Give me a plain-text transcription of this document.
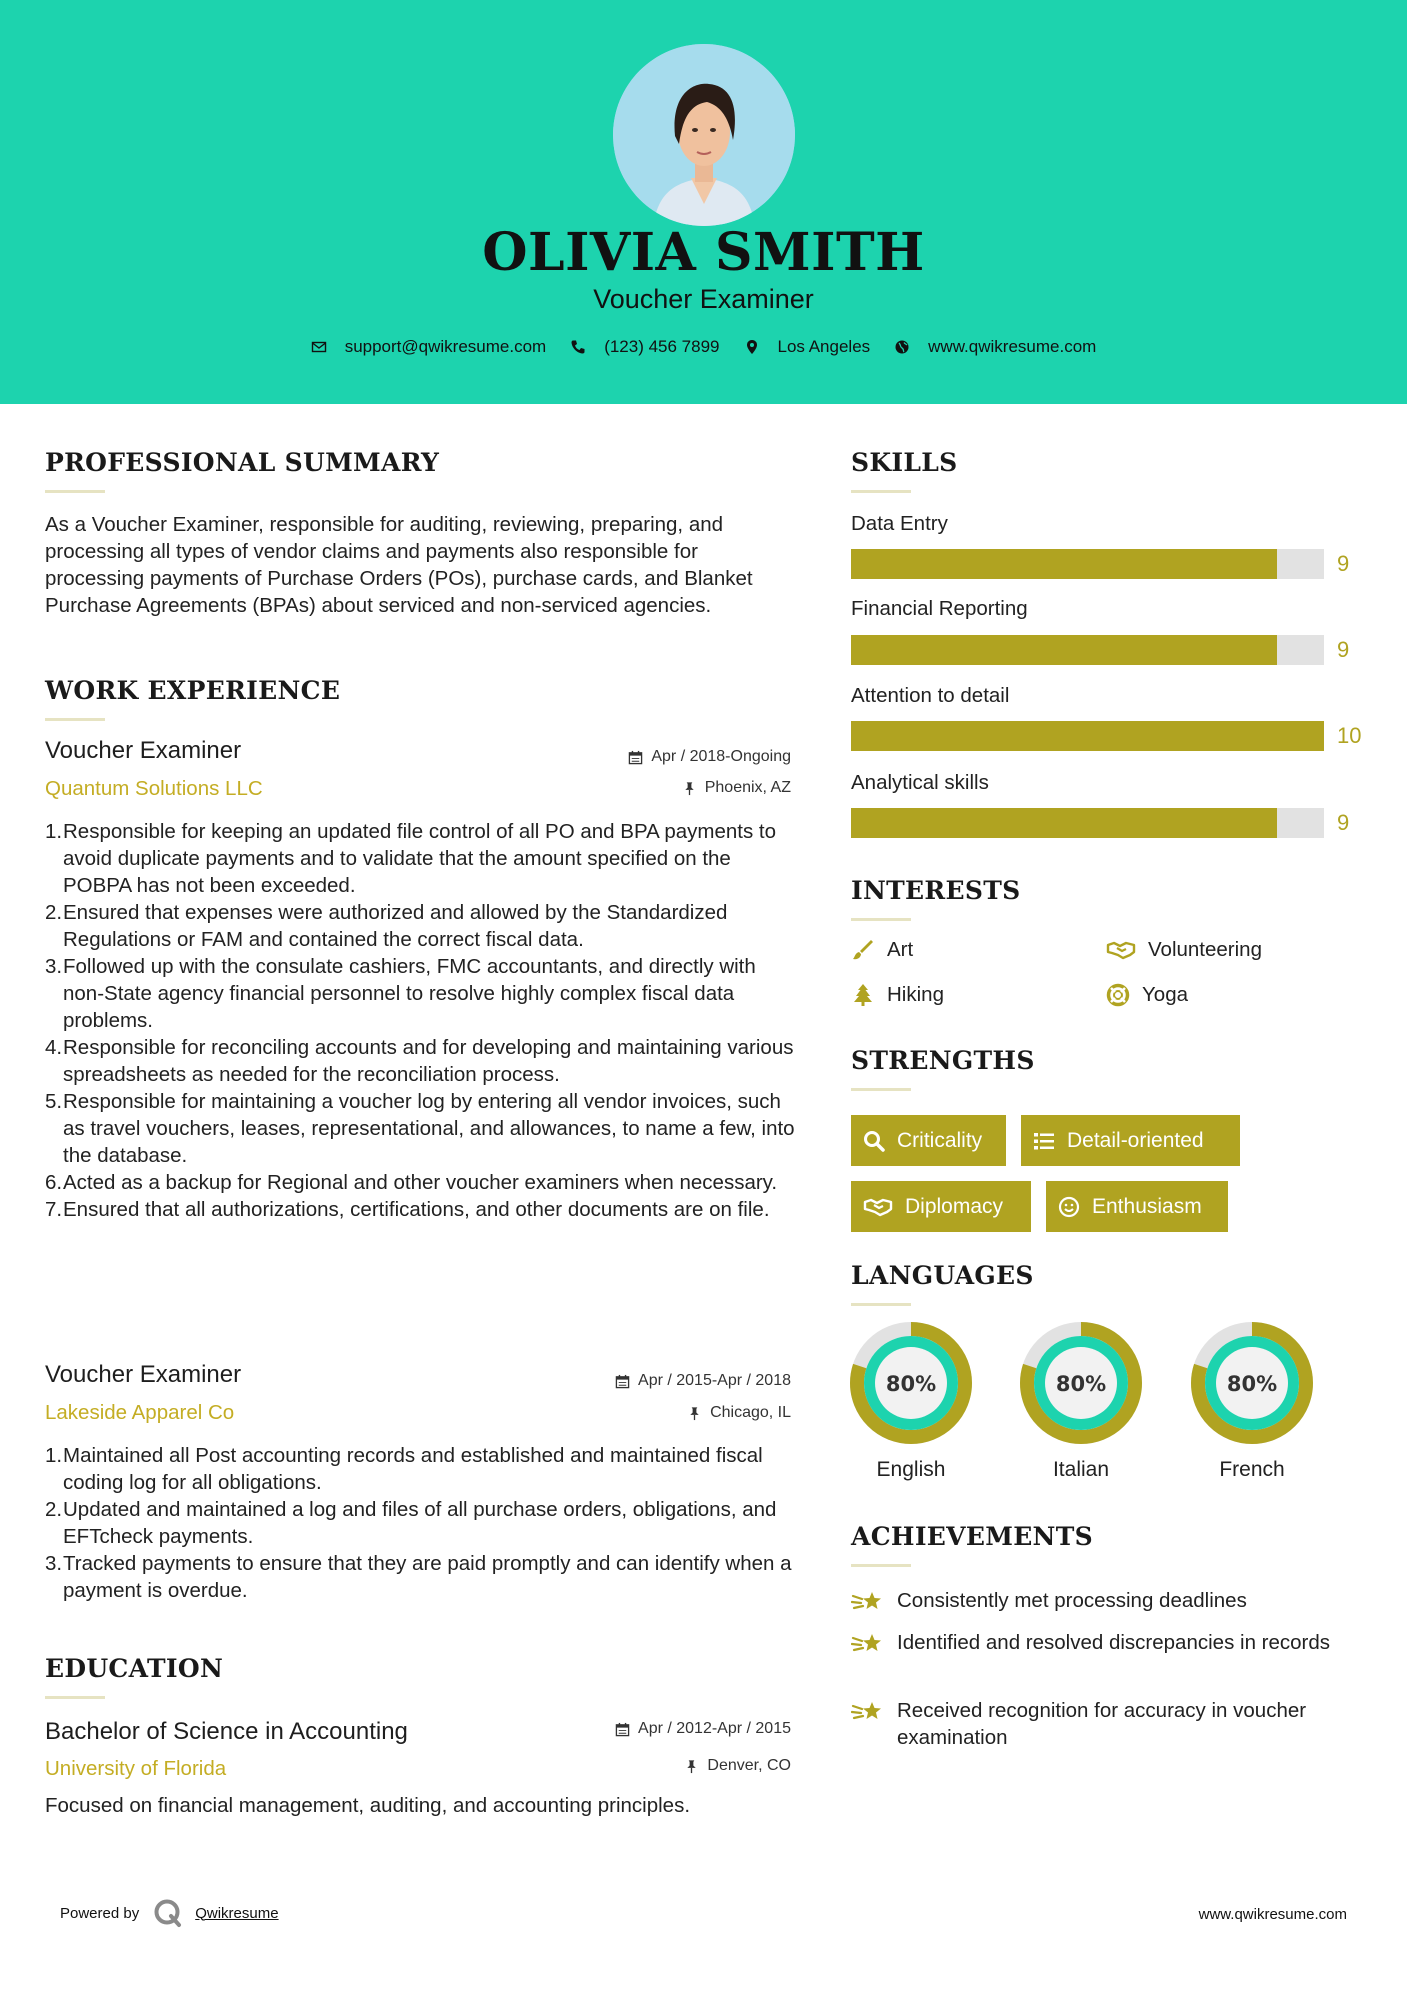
OLIVIA SMITH
Voucher Examiner
support@qwikresume.com	(123) 456 7899	Los Angeles	www.qwikresume.com
PROFESSIONAL SUMMARY
As a Voucher Examiner, responsible for auditing, reviewing, preparing, and processing all types of vendor claims and payments also responsible for processing payments of Purchase Orders (POs), purchase cards, and Blanket Purchase Agreements (BPAs) about serviced and non-serviced agencies.
WORK EXPERIENCE
Voucher Examiner
Quantum Solutions LLC
Apr / 2018-Ongoing
Phoenix, AZ
1. Responsible for keeping an updated file control of all PO and BPA payments to avoid duplicate payments and to validate that the amount specified on the POBPA has not been exceeded.
2. Ensured that expenses were authorized and allowed by the Standardized Regulations or FAM and contained the correct fiscal data.
3. Followed up with the consulate cashiers, FMC accountants, and directly with non-State agency financial personnel to resolve highly complex fiscal data problems.
4. Responsible for reconciling accounts and for developing and maintaining various spreadsheets as needed for the reconciliation process.
5. Responsible for maintaining a voucher log by entering all vendor invoices, such as travel vouchers, leases, representational, and allowances, to name a few, into the database.
6. Acted as a backup for Regional and other voucher examiners when necessary.
7. Ensured that all authorizations, certifications, and other documents are on file.
Voucher Examiner
Lakeside Apparel Co
Apr / 2015-Apr / 2018
Chicago, IL
1. Maintained all Post accounting records and established and maintained fiscal coding log for all obligations.
2. Updated and maintained a log and files of all purchase orders, obligations, and EFTcheck payments.
3. Tracked payments to ensure that they are paid promptly and can identify when a payment is overdue.
EDUCATION
Bachelor of Science in Accounting
University of Florida
Apr / 2012-Apr / 2015
Denver, CO
Focused on financial management, auditing, and accounting principles.
SKILLS
Data Entry
9
Financial Reporting
9
Attention to detail
10
Analytical skills
9
INTERESTS
Art	Volunteering
Hiking	Yoga
STRENGTHS
Criticality	Detail-oriented
Diplomacy	Enthusiasm
LANGUAGES
80%
English
80%
Italian
80%
French
ACHIEVEMENTS
Consistently met processing deadlines
Identified and resolved discrepancies in records
Received recognition for accuracy in voucher examination
Powered by	Qwikresume	www.qwikresume.com
